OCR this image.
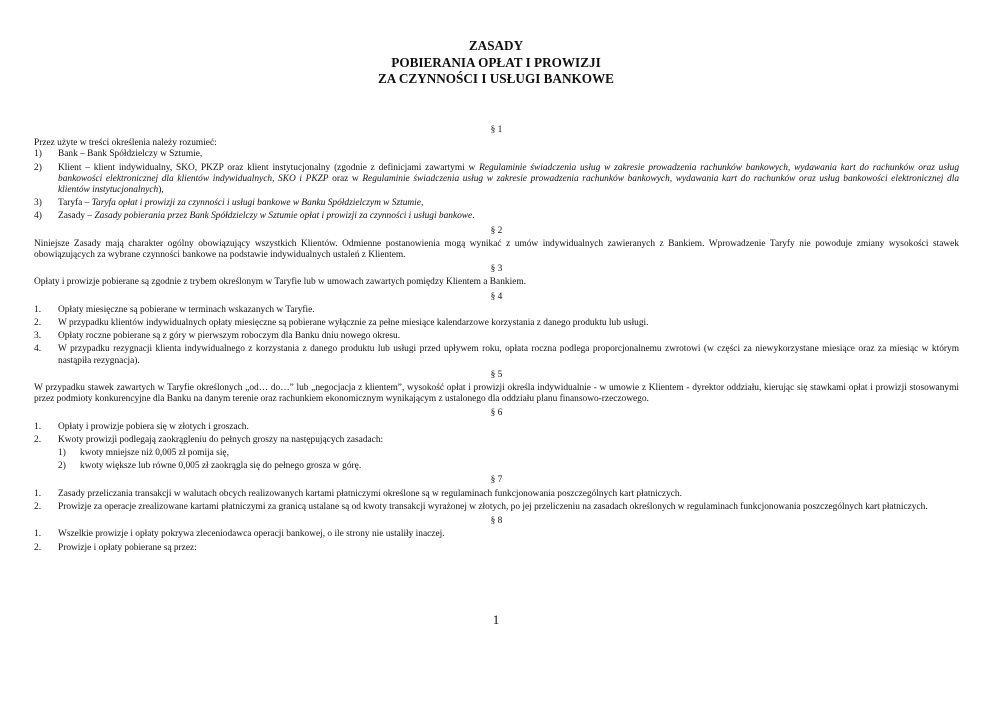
ZASADY
POBIERANIA OPŁAT I PROWIZJI
ZA CZYNNOŚCI I USŁUGI BANKOWE
§ 1

Przez użyte w treści określenia należy rozumieć:

1) Bank – Bank Spółdzielczy w Sztumie,
2) Klient – klient indywidualny, SKO, PKZP oraz klient instytucjonalny (zgodnie z definicjami zawartymi w Regulaminie świadczenia usług w zakresie prowadzenia rachunków bankowych, wydawania kart do rachunków oraz usług bankowości elektronicznej dla klientów indywidualnych, SKO i PKZP oraz w Regulaminie świadczenia usług w zakresie prowadzenia rachunków bankowych, wydawania kart do rachunków oraz usług bankowości elektronicznej dla klientów instytucjonalnych),
3) Taryfa – Taryfa opłat i prowizji za czynności i usługi bankowe w Banku Spółdzielczym w Sztumie,
4) Zasady – Zasady pobierania przez Bank Spółdzielczy w Sztumie opłat i prowizji za czynności i usługi bankowe.
§ 2

Niniejsze Zasady mają charakter ogólny obowiązujący wszystkich Klientów. Odmienne postanowienia mogą wynikać z umów indywidualnych zawieranych z Bankiem. Wprowadzenie Taryfy nie powoduje zmiany wysokości stawek obowiązujących za wybrane czynności bankowe na podstawie indywidualnych ustaleń z Klientem.

§ 3

Opłaty i prowizje pobierane są zgodnie z trybem określonym w Taryfie lub w umowach zawartych pomiędzy Klientem a Bankiem.

§ 4
1. Opłaty miesięczne są pobierane w terminach wskazanych w Taryfie.
2. W przypadku klientów indywidualnych opłaty miesięczne są pobierane wyłącznie za pełne miesiące kalendarzowe korzystania z danego produktu lub usługi.
3. Opłaty roczne pobierane są z góry w pierwszym roboczym dla Banku dniu nowego okresu.
4. W przypadku rezygnacji klienta indywidualnego z korzystania z danego produktu lub usługi przed upływem roku, opłata roczna podlega proporcjonalnemu zwrotowi (w części za niewykorzystane miesiące oraz za miesiąc w którym nastąpiła rezygnacja).
§ 5

W przypadku stawek zawartych w Taryfie określonych „od… do…” lub „negocjacja z klientem”, wysokość opłat i prowizji określa indywidualnie - w umowie z Klientem - dyrektor oddziału, kierując się stawkami opłat i prowizji stosowanymi przez podmioty konkurencyjne dla Banku na danym terenie oraz rachunkiem ekonomicznym wynikającym z ustalonego dla oddziału planu finansowo-rzeczowego.

§ 6
1. Opłaty i prowizje pobiera się w złotych i groszach.
2. Kwoty prowizji podlegają zaokrągleniu do pełnych groszy na następujących zasadach:
1) kwoty mniejsze niż 0,005 zł pomija się,
2) kwoty większe lub równe 0,005 zł zaokrągla się do pełnego grosza w górę.
§ 7
1. Zasady przeliczania transakcji w walutach obcych realizowanych kartami płatniczymi określone są w regulaminach funkcjonowania poszczególnych kart płatniczych.
2. Prowizje za operacje zrealizowane kartami płatniczymi za granicą ustalane są od kwoty transakcji wyrażonej w złotych, po jej przeliczeniu na zasadach określonych w regulaminach funkcjonowania poszczególnych kart płatniczych.
§ 8
1. Wszelkie prowizje i opłaty pokrywa zleceniodawca operacji bankowej, o ile strony nie ustaliły inaczej.
2. Prowizje i opłaty pobierane są przez:
1
